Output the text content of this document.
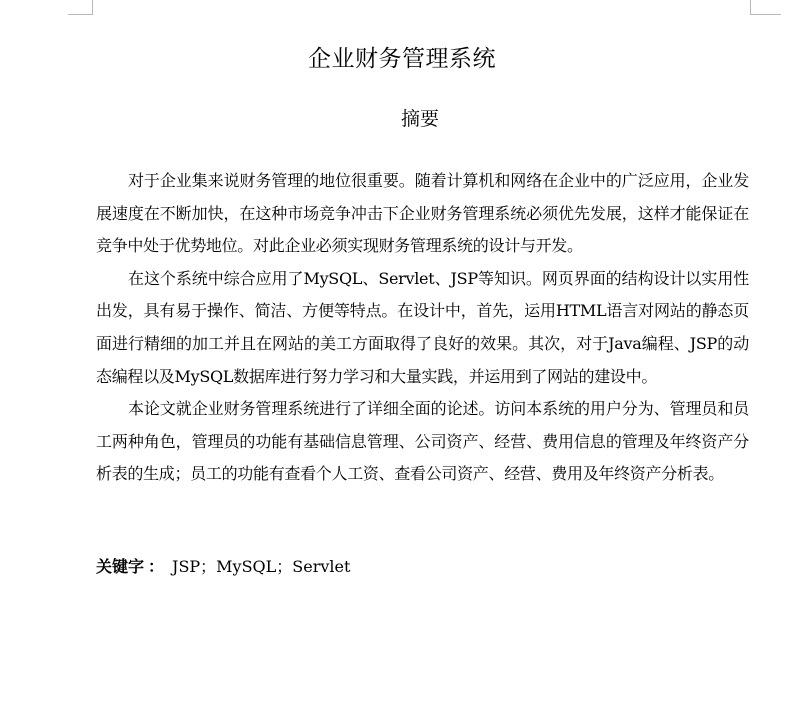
企业财务管理系统
摘要

对于企业集来说财务管理的地位很重要。随着计算机和网络在企业中的广泛应用，企业发展速度在不断加快，在这种市场竞争冲击下企业财务管理系统必须优先发展，这样才能保证在竞争中处于优势地位。对此企业必须实现财务管理系统的设计与开发。

在这个系统中综合应用了MySQL、Servlet、JSP等知识。网页界面的结构设计以实用性出发，具有易于操作、简洁、方便等特点。在设计中，首先，运用HTML语言对网站的静态页面进行精细的加工并且在网站的美工方面取得了良好的效果。其次，对于Java编程、JSP的动态编程以及MySQL数据库进行努力学习和大量实践，并运用到了网站的建设中。

本论文就企业财务管理系统进行了详细全面的论述。访问本系统的用户分为、管理员和员工两种角色，管理员的功能有基础信息管理、公司资产、经营、费用信息的管理及年终资产分析表的生成；员工的功能有查看个人工资、查看公司资产、经营、费用及年终资产分析表。

关键字 ： JSP；MySQL；Servlet
